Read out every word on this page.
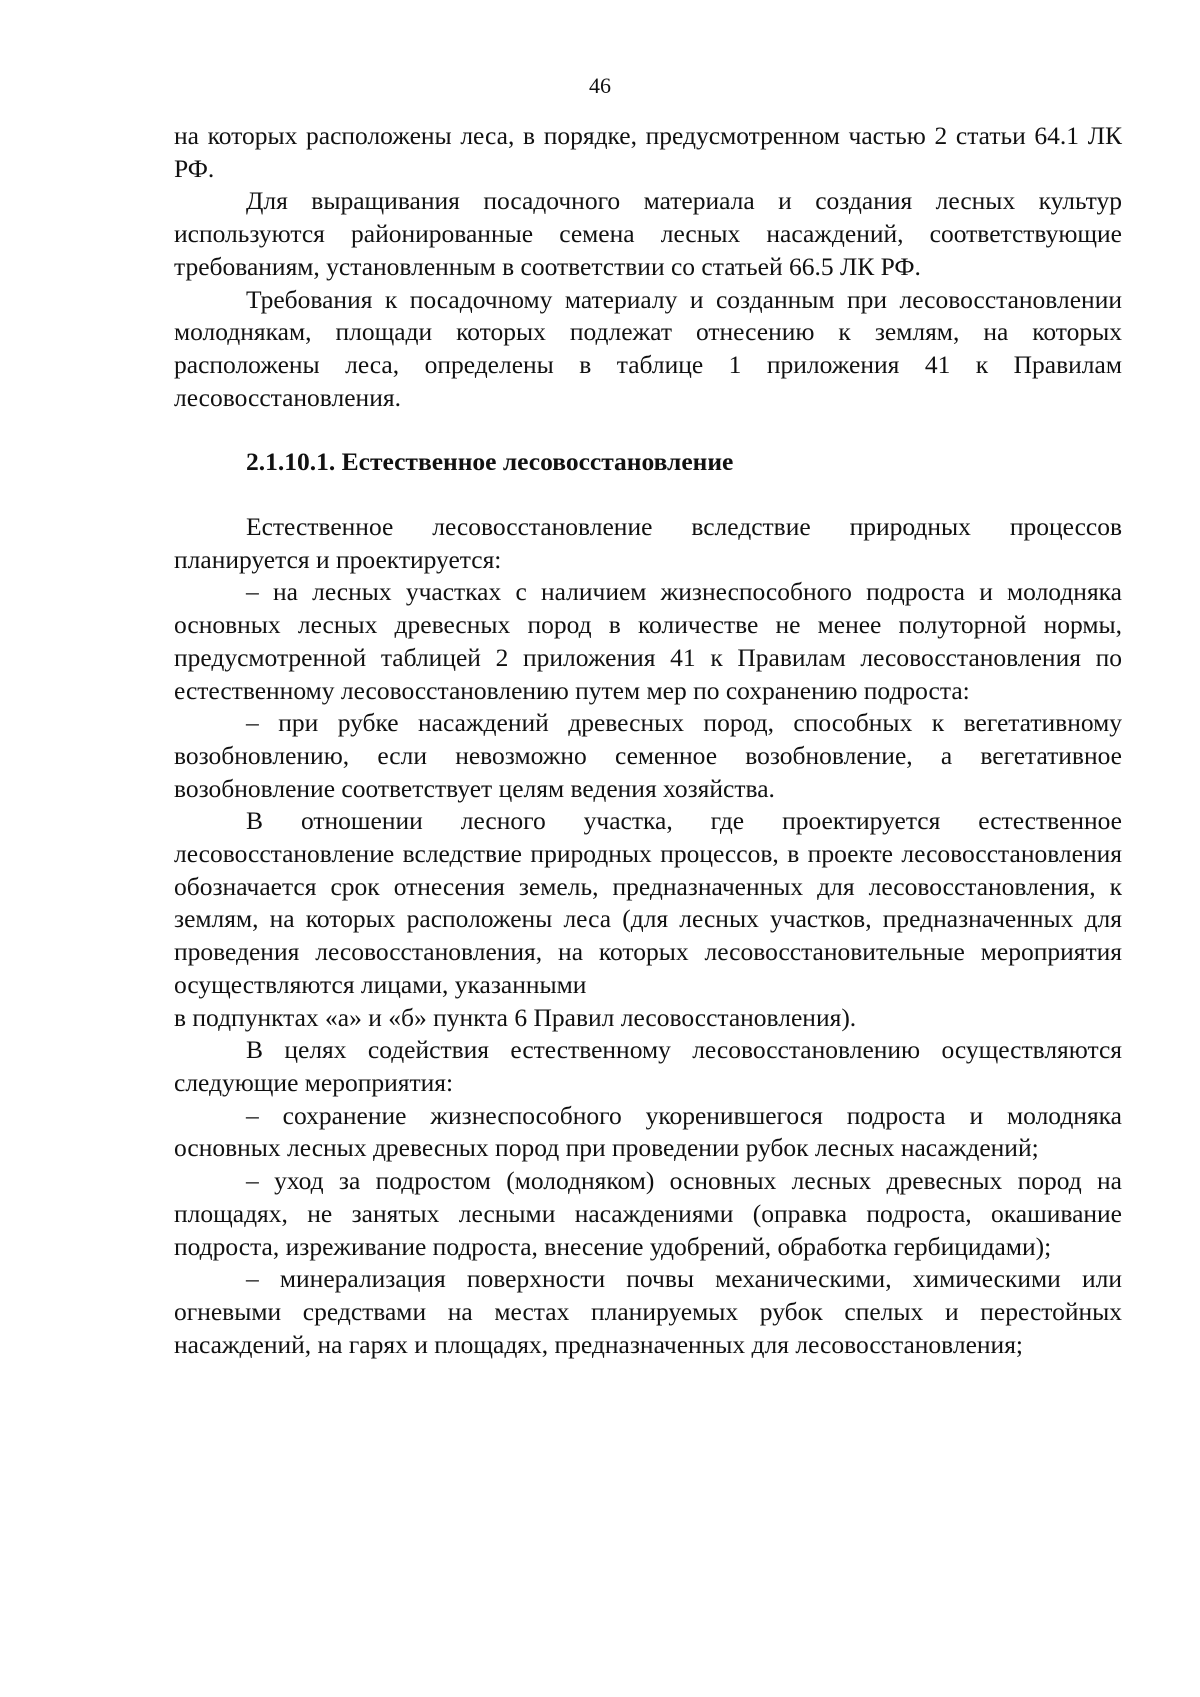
46

на которых расположены леса, в порядке, предусмотренном частью 2 статьи 64.1 ЛК РФ.

Для выращивания посадочного материала и создания лесных культур используются районированные семена лесных насаждений, соответствующие требованиям, установленным в соответствии со статьей 66.5 ЛК РФ.

Требования к посадочному материалу и созданным при лесовосстановлении молоднякам, площади которых подлежат отнесению к землям, на которых расположены леса, определены в таблице 1 приложения 41 к Правилам лесовосстановления.

2.1.10.1. Естественное лесовосстановление

Естественное лесовосстановление вследствие природных процессов планируется и проектируется:

– на лесных участках с наличием жизнеспособного подроста и молодняка основных лесных древесных пород в количестве не менее полуторной нормы, предусмотренной таблицей 2 приложения 41 к Правилам лесовосстановления по естественному лесовосстановлению путем мер по сохранению подроста:

– при рубке насаждений древесных пород, способных к вегетативному возобновлению, если невозможно семенное возобновление, а вегетативное возобновление соответствует целям ведения хозяйства.

В отношении лесного участка, где проектируется естественное лесовосстановление вследствие природных процессов, в проекте лесовосстановления обозначается срок отнесения земель, предназначенных для лесовосстановления, к землям, на которых расположены леса (для лесных участков, предназначенных для проведения лесовосстановления, на которых лесовосстановительные мероприятия осуществляются лицами, указанными

в подпунктах «а» и «б» пункта 6 Правил лесовосстановления).

В целях содействия естественному лесовосстановлению осуществляются следующие мероприятия:

– сохранение жизнеспособного укоренившегося подроста и молодняка основных лесных древесных пород при проведении рубок лесных насаждений;

– уход за подростом (молодняком) основных лесных древесных пород на площадях, не занятых лесными насаждениями (оправка подроста, окашивание подроста, изреживание подроста, внесение удобрений, обработка гербицидами);

– минерализация поверхности почвы механическими, химическими или огневыми средствами на местах планируемых рубок спелых и перестойных насаждений, на гарях и площадях, предназначенных для лесовосстановления;
